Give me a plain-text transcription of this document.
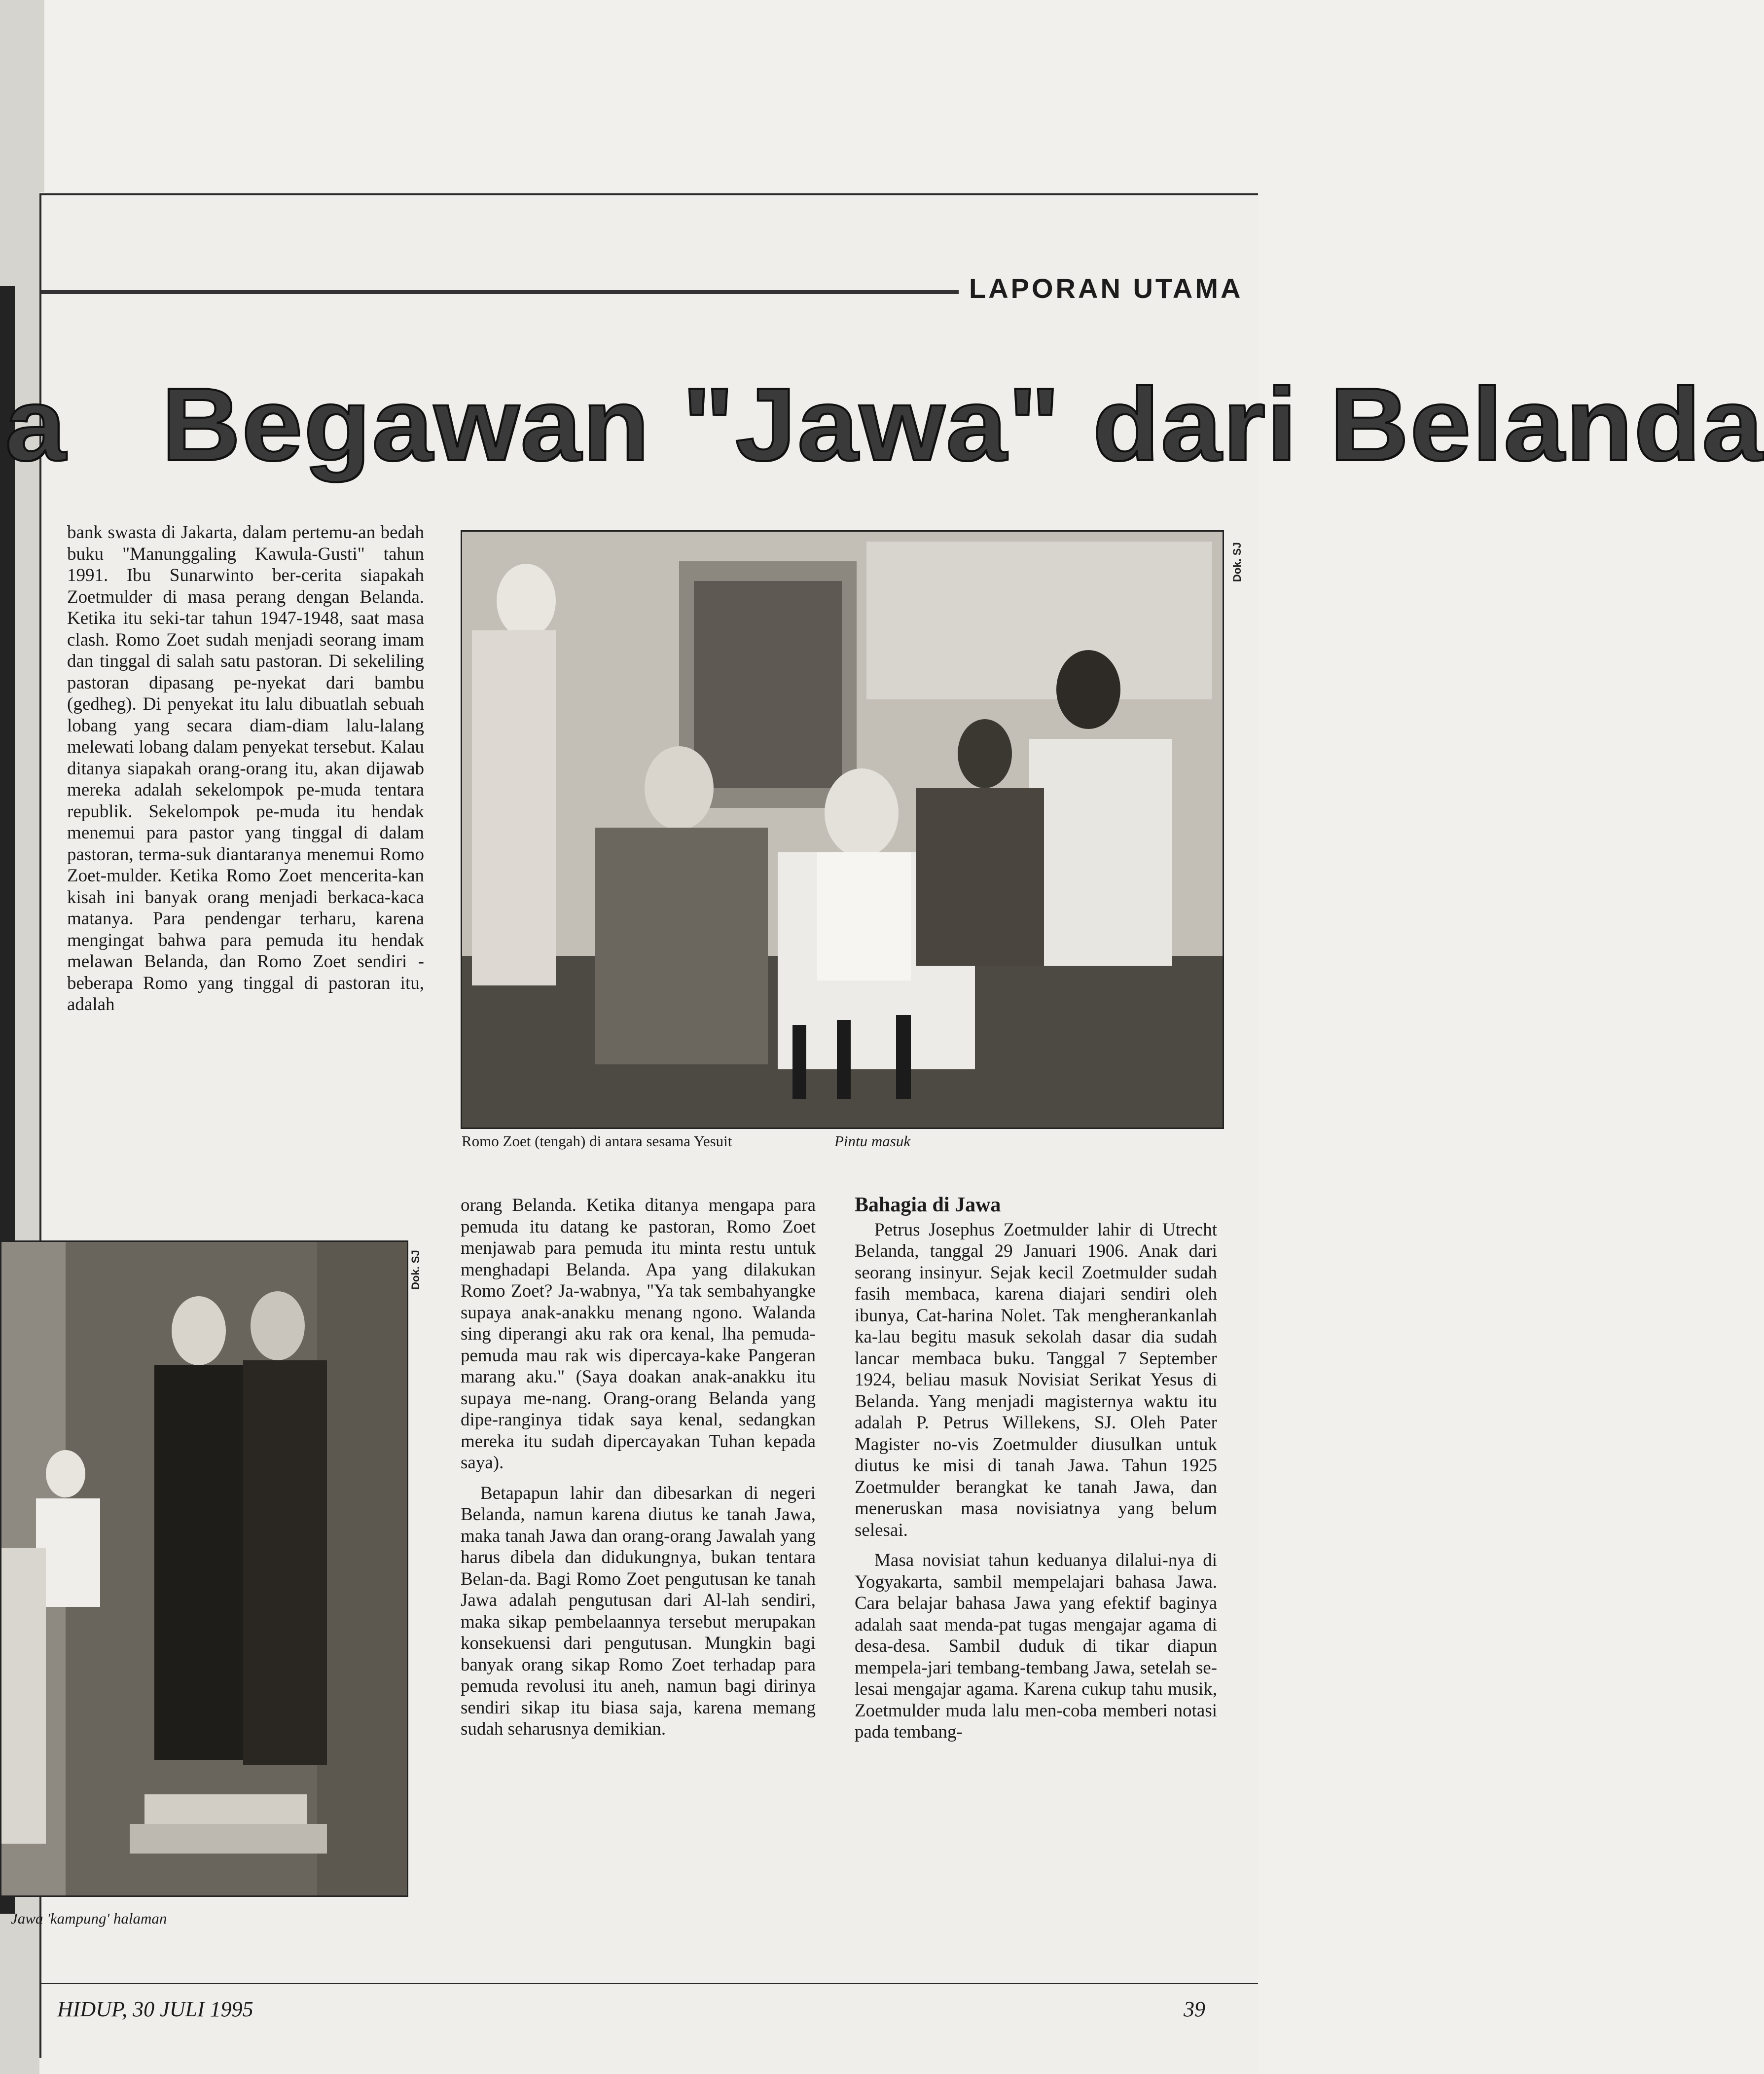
LAPORAN UTAMA
a Begawan "Jawa" dari Belanda

bank swasta di Jakarta, dalam pertemu-an bedah buku "Manunggaling Kawula-Gusti" tahun 1991. Ibu Sunarwinto ber-cerita siapakah Zoetmulder di masa perang dengan Belanda. Ketika itu seki-tar tahun 1947-1948, saat masa clash. Romo Zoet sudah menjadi seorang imam dan tinggal di salah satu pastoran. Di sekeliling pastoran dipasang pe-nyekat dari bambu (gedheg). Di penyekat itu lalu dibuatlah sebuah lobang yang secara diam-diam lalu-lalang melewati lobang dalam penyekat tersebut. Kalau ditanya siapakah orang-orang itu, akan dijawab mereka adalah sekelompok pe-muda tentara republik. Sekelompok pe-muda itu hendak menemui para pastor yang tinggal di dalam pastoran, terma-suk diantaranya menemui Romo Zoet-mulder. Ketika Romo Zoet mencerita-kan kisah ini banyak orang menjadi berkaca-kaca matanya. Para pendengar terharu, karena mengingat bahwa para pemuda itu hendak melawan Belanda, dan Romo Zoet sendiri -beberapa Romo yang tinggal di pastoran itu, adalah

Dok. SJ
Romo Zoet (tengah) di antara sesama Yesuit	Pintu masuk
Dok. SJ
Jawa 'kampung' halaman

orang Belanda. Ketika ditanya mengapa para pemuda itu datang ke pastoran, Romo Zoet menjawab para pemuda itu minta restu untuk menghadapi Belanda. Apa yang dilakukan Romo Zoet? Ja-wabnya, "Ya tak sembahyangke supaya anak-anakku menang ngono. Walanda sing diperangi aku rak ora kenal, lha pemuda-pemuda mau rak wis dipercaya-kake Pangeran marang aku." (Saya doakan anak-anakku itu supaya me-nang. Orang-orang Belanda yang dipe-ranginya tidak saya kenal, sedangkan mereka itu sudah dipercayakan Tuhan kepada saya).

Betapapun lahir dan dibesarkan di negeri Belanda, namun karena diutus ke tanah Jawa, maka tanah Jawa dan orang-orang Jawalah yang harus dibela dan didukungnya, bukan tentara Belan-da. Bagi Romo Zoet pengutusan ke tanah Jawa adalah pengutusan dari Al-lah sendiri, maka sikap pembelaannya tersebut merupakan konsekuensi dari pengutusan. Mungkin bagi banyak orang sikap Romo Zoet terhadap para pemuda revolusi itu aneh, namun bagi dirinya sendiri sikap itu biasa saja, karena memang sudah seharusnya demikian.

Bahagia di Jawa

Petrus Josephus Zoetmulder lahir di Utrecht Belanda, tanggal 29 Januari 1906. Anak dari seorang insinyur. Sejak kecil Zoetmulder sudah fasih membaca, karena diajari sendiri oleh ibunya, Cat-harina Nolet. Tak mengherankanlah ka-lau begitu masuk sekolah dasar dia sudah lancar membaca buku. Tanggal 7 September 1924, beliau masuk Novisiat Serikat Yesus di Belanda. Yang menjadi magisternya waktu itu adalah P. Petrus Willekens, SJ. Oleh Pater Magister no-vis Zoetmulder diusulkan untuk diutus ke misi di tanah Jawa. Tahun 1925 Zoetmulder berangkat ke tanah Jawa, dan meneruskan masa novisiatnya yang belum selesai.

Masa novisiat tahun keduanya dilalui-nya di Yogyakarta, sambil mempelajari bahasa Jawa. Cara belajar bahasa Jawa yang efektif baginya adalah saat menda-pat tugas mengajar agama di desa-desa. Sambil duduk di tikar diapun mempela-jari tembang-tembang Jawa, setelah se-lesai mengajar agama. Karena cukup tahu musik, Zoetmulder muda lalu men-coba memberi notasi pada tembang-

HIDUP, 30 JULI 1995	39
